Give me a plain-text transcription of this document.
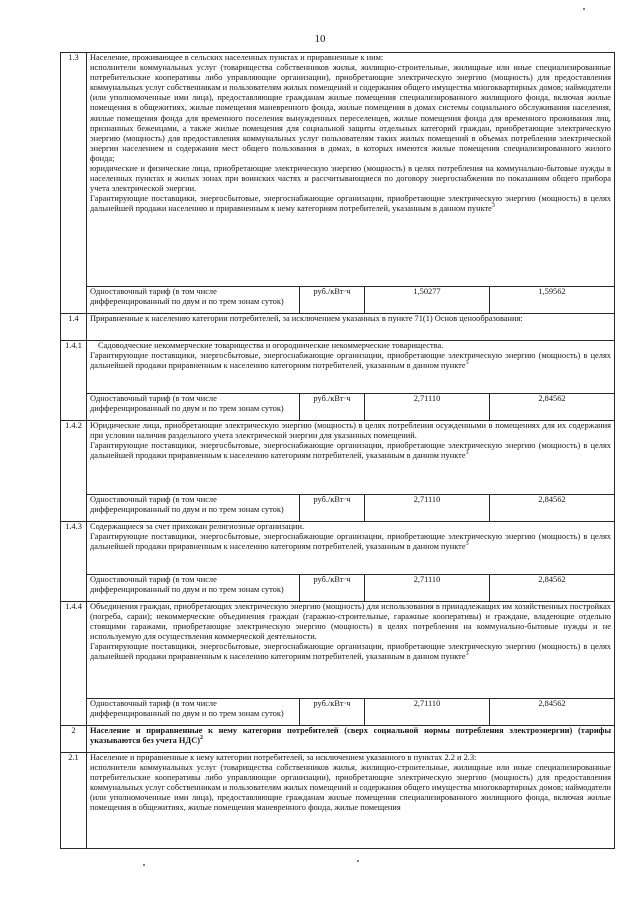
10
1.3	Население, проживающее в сельских населенных пунктах и приравненные к ним:

исполнители коммунальных услуг (товарищества собственников жилья, жилищно-строительные, жилищные или иные специализированные потребительские кооперативы либо управляющие организации), приобретающие электрическую энергию (мощность) для предоставления коммунальных услуг собственникам и пользователям жилых помещений и содержания общего имущества многоквартирных домов; наймодатели (или уполномоченные ими лица), предоставляющие гражданам жилые помещения специализированного жилищного фонда, включая жилые помещения в общежитиях, жилые помещения маневренного фонда, жилые помещения в домах системы социального обслуживания населения, жилые помещения фонда для временного поселения вынужденных переселенцев, жилые помещения фонда для временного проживания лиц, признанных беженцами, а также жилые помещения для социальной защиты отдельных категорий граждан, приобретающие электрическую энергию (мощность) для предоставления коммунальных услуг пользователям таких жилых помещений в объемах потребления электрической энергии населением и содержания мест общего пользования в домах, в которых имеются жилые помещения специализированного жилого фонда;

юридические и физические лица, приобретающие электрическую энергию (мощность) в целях потребления на коммунально-бытовые нужды в населенных пунктах и жилых зонах при воинских частях и рассчитывающиеся по договору энергоснабжения по показаниям общего прибора учета электрической энергии.

Гарантирующие поставщики, энергосбытовые, энергоснабжающие организации, приобретающие электрическую энергию (мощность) в целях дальнейшей продажи населению и приравненным к нему категориям потребителей, указанным в данном пункте$^3$

	Одноставочный тариф (в том числе дифференцированный по двум и по трем зонам суток)	руб./кВт·ч	1,50277	1,59562
1.4	Приравненные к населению категории потребителей, за исключением указанных в пункте 71(1) Основ ценообразования:			
1.4.1	Садоводческие некоммерческие товарищества и огороднические некоммерческие товарищества.

Гарантирующие поставщики, энергосбытовые, энергоснабжающие организации, приобретающие электрическую энергию (мощность) в целях дальнейшей продажи приравненным к населению категориям потребителей, указанным в данном пункте$^3$

	Одноставочный тариф (в том числе дифференцированный по двум и по трем зонам суток)	руб./кВт·ч	2,71110	2,84562
1.4.2	Юридические лица, приобретающие электрическую энергию (мощность) в целях потребления осужденными в помещениях для их содержания при условии наличия раздельного учета электрической энергии для указанных помещений.

Гарантирующие поставщики, энергосбытовые, энергоснабжающие организации, приобретающие электрическую энергию (мощность) в целях дальнейшей продажи приравненным к населению категориям потребителей, указанным в данном пункте$^3$

	Одноставочный тариф (в том числе дифференцированный по двум и по трем зонам суток)	руб./кВт·ч	2,71110	2,84562
1.4.3	Содержащиеся за счет прихожан религиозные организации.

Гарантирующие поставщики, энергосбытовые, энергоснабжающие организации, приобретающие электрическую энергию (мощность) в целях дальнейшей продажи приравненным к населению категориям потребителей, указанным в данном пункте$^3$

	Одноставочный тариф (в том числе дифференцированный по двум и по трем зонам суток)	руб./кВт·ч	2,71110	2,84562
1.4.4	Объединения граждан, приобретающих электрическую энергию (мощность) для использования в принадлежащих им хозяйственных постройках (погреба, сараи); некоммерческие объединения граждан (гаражно-строительные, гаражные кооперативы) и граждане, владеющие отдельно стоящими гаражами, приобретающие электрическую энергию (мощность) в целях потребления на коммунально-бытовые нужды и не используемую для осуществления коммерческой деятельности.

Гарантирующие поставщики, энергосбытовые, энергоснабжающие организации, приобретающие электрическую энергию (мощность) в целях дальнейшей продажи приравненным к населению категориям потребителей, указанным в данном пункте$^3$

	Одноставочный тариф (в том числе дифференцированный по двум и по трем зонам суток)	руб./кВт·ч	2,71110	2,84562
2	Население и приравненные к нему категории потребителей (сверх социальной нормы потребления электроэнергии) (тарифы указываются без учета НДС)$^2$
2.1	Население и приравненные к нему категории потребителей, за исключением указанного в пунктах 2.2 и 2.3:

исполнители коммунальных услуг (товарищества собственников жилья, жилищно-строительные, жилищные или иные специализированные потребительские кооперативы либо управляющие организации), приобретающие электрическую энергию (мощность) для предоставления коммунальных услуг собственникам и пользователям жилых помещений и содержания общего имущества многоквартирных домов; наймодатели (или уполномоченные ими лица), предоставляющие гражданам жилые помещения специализированного жилищного фонда, включая жилые помещения в общежитиях, жилые помещения маневренного фонда, жилые помещения			
